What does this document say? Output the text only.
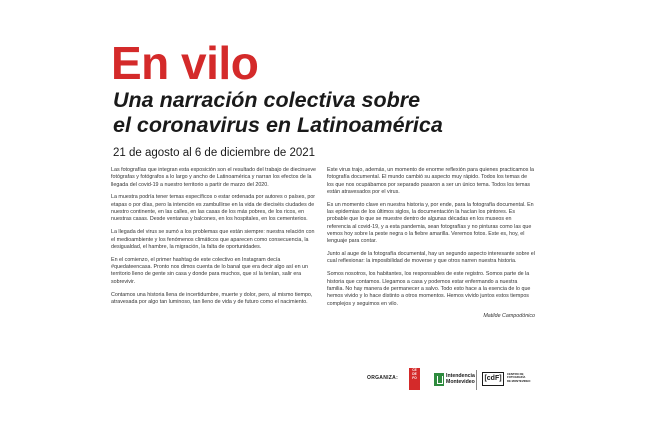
En vilo
Una narración colectiva sobre
el coronavirus en Latinoamérica
21 de agosto al 6 de diciembre de 2021

Las fotografías que integran esta exposición son el resultado del trabajo de diecinueve fotógrafas y fotógrafos a lo largo y ancho de Latinoamérica y narran los efectos de la llegada del covid-19 a nuestro territorio a partir de marzo del 2020.

La muestra podría tener temas específicos o estar ordenada por autores o países, por etapas o por días, pero la intención es zambullirse en la vida de dieciséis ciudades de nuestro continente, en las calles, en las casas de los más pobres, de los ricos, en nuestras casas. Desde ventanas y balcones, en los hospitales, en los cementerios.

La llegada del virus se sumó a los problemas que están siempre: nuestra relación con el medioambiente y los fenómenos climáticos que aparecen como consecuencia, la desigualdad, el hambre, la migración, la falta de oportunidades.

En el comienzo, el primer hashtag de este colectivo en Instagram decía #quedateencasa. Pronto nos dimos cuenta de lo banal que era decir algo así en un territorio lleno de gente sin casa y donde para muchos, que sí la tenían, salir era sobrevivir.

Contamos una historia llena de incertidumbre, muerte y dolor, pero, al mismo tiempo, atravesada por algo tan luminoso, tan lleno de vida y de futuro como el nacimiento.

Este virus trajo, además, un momento de enorme reflexión para quienes practicamos la fotografía documental. El mundo cambió su aspecto muy rápido. Todos los temas de los que nos ocupábamos por separado pasaron a ser un único tema. Todos los temas están atravesados por el virus.

Es un momento clave en nuestra historia y, por ende, para la fotografía documental. En las epidemias de los últimos siglos, la documentación la hacían los pintores. Es probable que lo que se muestre dentro de algunas décadas en los museos en referencia al covid-19, y a esta pandemia, sean fotografías y no pinturas como las que vemos hoy sobre la peste negra o la fiebre amarilla. Veremos fotos. Este es, hoy, el lenguaje para contar.

Junto al auge de la fotografía documental, hay un segundo aspecto interesante sobre el cual reflexionar: la imposibilidad de moverse y que otros narren nuestra historia.

Somos nosotros, los habitantes, los responsables de este registro. Somos parte de la historia que contamos. Llegamos a casa y podemos estar enfermando a nuestra familia. No hay manera de permanecer a salvo. Todo esto hace a la esencia de lo que hemos vivido y lo hace distinto a otros momentos. Hemos vivido juntos estos tiempos complejos y seguimos en vilo.

Matilde Campodónico
ORGANIZA:
CE
DE
FO	Intendencia
Montevideo	[cdF]
CENTRO DE
FOTOGRAFÍA
DE MONTEVIDEO
